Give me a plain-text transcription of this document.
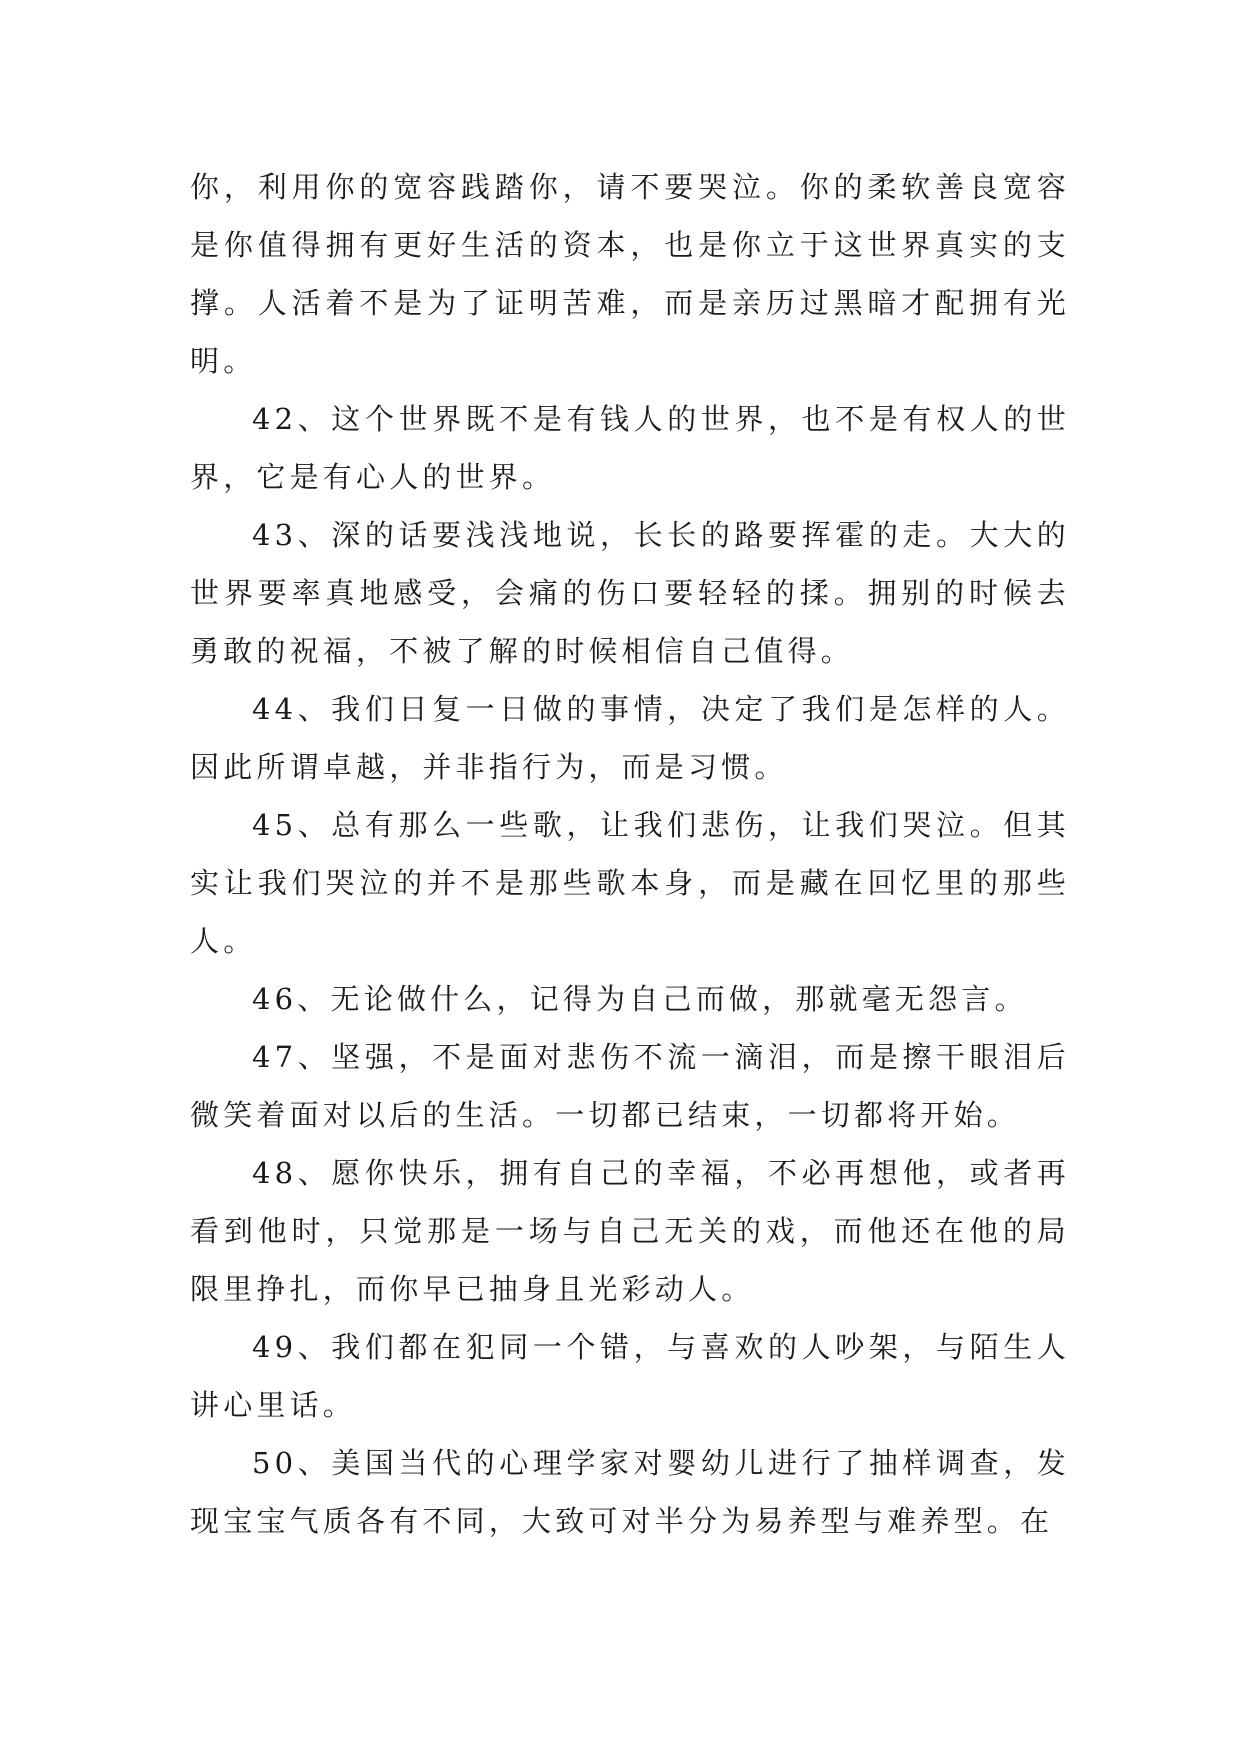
你，利用你的宽容践踏你，请不要哭泣。你的柔软善良宽容是你值得拥有更好生活的资本，也是你立于这世界真实的支撑。人活着不是为了证明苦难，而是亲历过黑暗才配拥有光明。

42、这个世界既不是有钱人的世界，也不是有权人的世界，它是有心人的世界。

43、深的话要浅浅地说，长长的路要挥霍的走。大大的世界要率真地感受，会痛的伤口要轻轻的揉。拥别的时候去勇敢的祝福，不被了解的时候相信自己值得。

44、我们日复一日做的事情，决定了我们是怎样的人。因此所谓卓越，并非指行为，而是习惯。

45、总有那么一些歌，让我们悲伤，让我们哭泣。但其实让我们哭泣的并不是那些歌本身，而是藏在回忆里的那些人。

46、无论做什么，记得为自己而做，那就毫无怨言。

47、坚强，不是面对悲伤不流一滴泪，而是擦干眼泪后微笑着面对以后的生活。一切都已结束，一切都将开始。

48、愿你快乐，拥有自己的幸福，不必再想他，或者再看到他时，只觉那是一场与自己无关的戏，而他还在他的局限里挣扎，而你早已抽身且光彩动人。

49、我们都在犯同一个错，与喜欢的人吵架，与陌生人讲心里话。

50、美国当代的心理学家对婴幼儿进行了抽样调查，发现宝宝气质各有不同，大致可对半分为易养型与难养型。在
